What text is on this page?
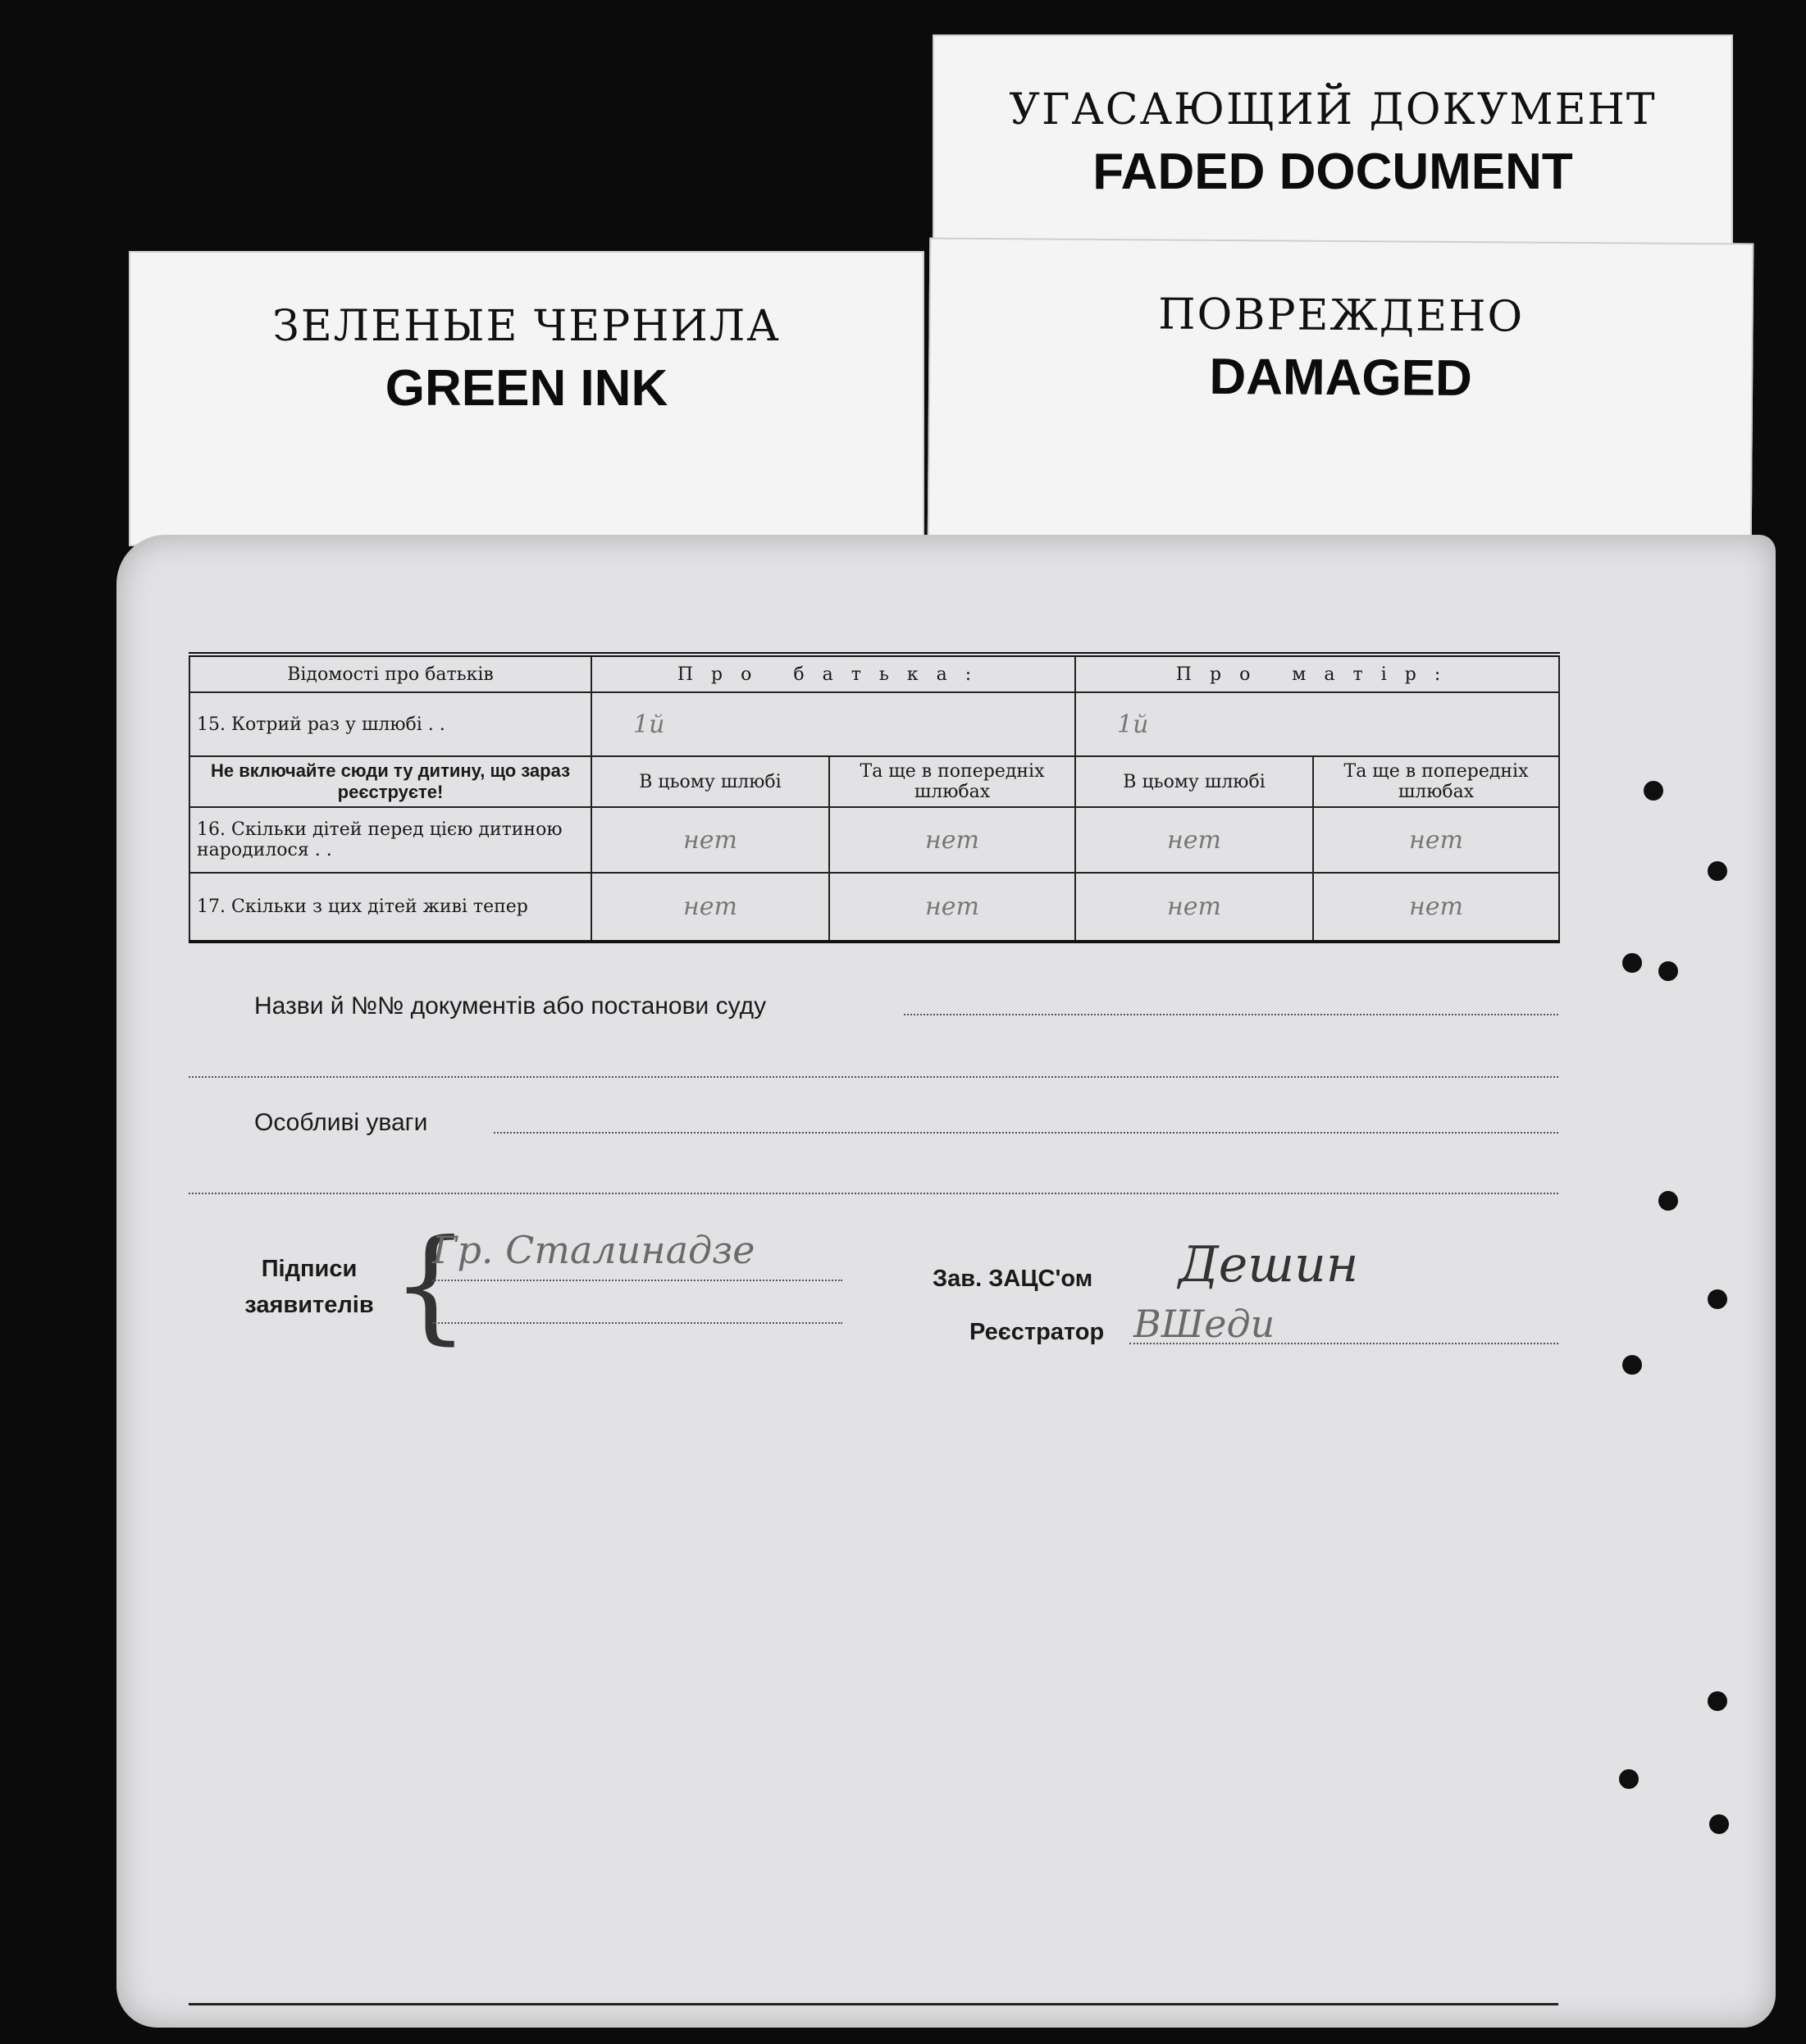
УГАСАЮЩИЙ ДОКУМЕНТ
FADED DOCUMENT
ЗЕЛЕНЫЕ ЧЕРНИЛА
GREEN INK
ПОВРЕЖДЕНО
DAMAGED
Відомості про батьків	Про батька:		Про матір:	
15. Котрий раз у шлюбі . .	1й		1й	
Не включайте сюди ту дитину, що зараз реєструєте!	В цьому шлюбі	Та ще в попередніх шлюбах	В цьому шлюбі	Та ще в попередніх шлюбах
16. Скільки дітей перед цією дитиною народилося . .	нет	нет	нет	нет
17. Скільки з цих дітей живі тепер	нет	нет	нет	нет
Назви й №№ документів або постанови суду
Особливі уваги
Підписи заявителів {
Гр. Сталинадзе
Зав. ЗАЦС'ом Дешин
Реєстратор ВШеди
